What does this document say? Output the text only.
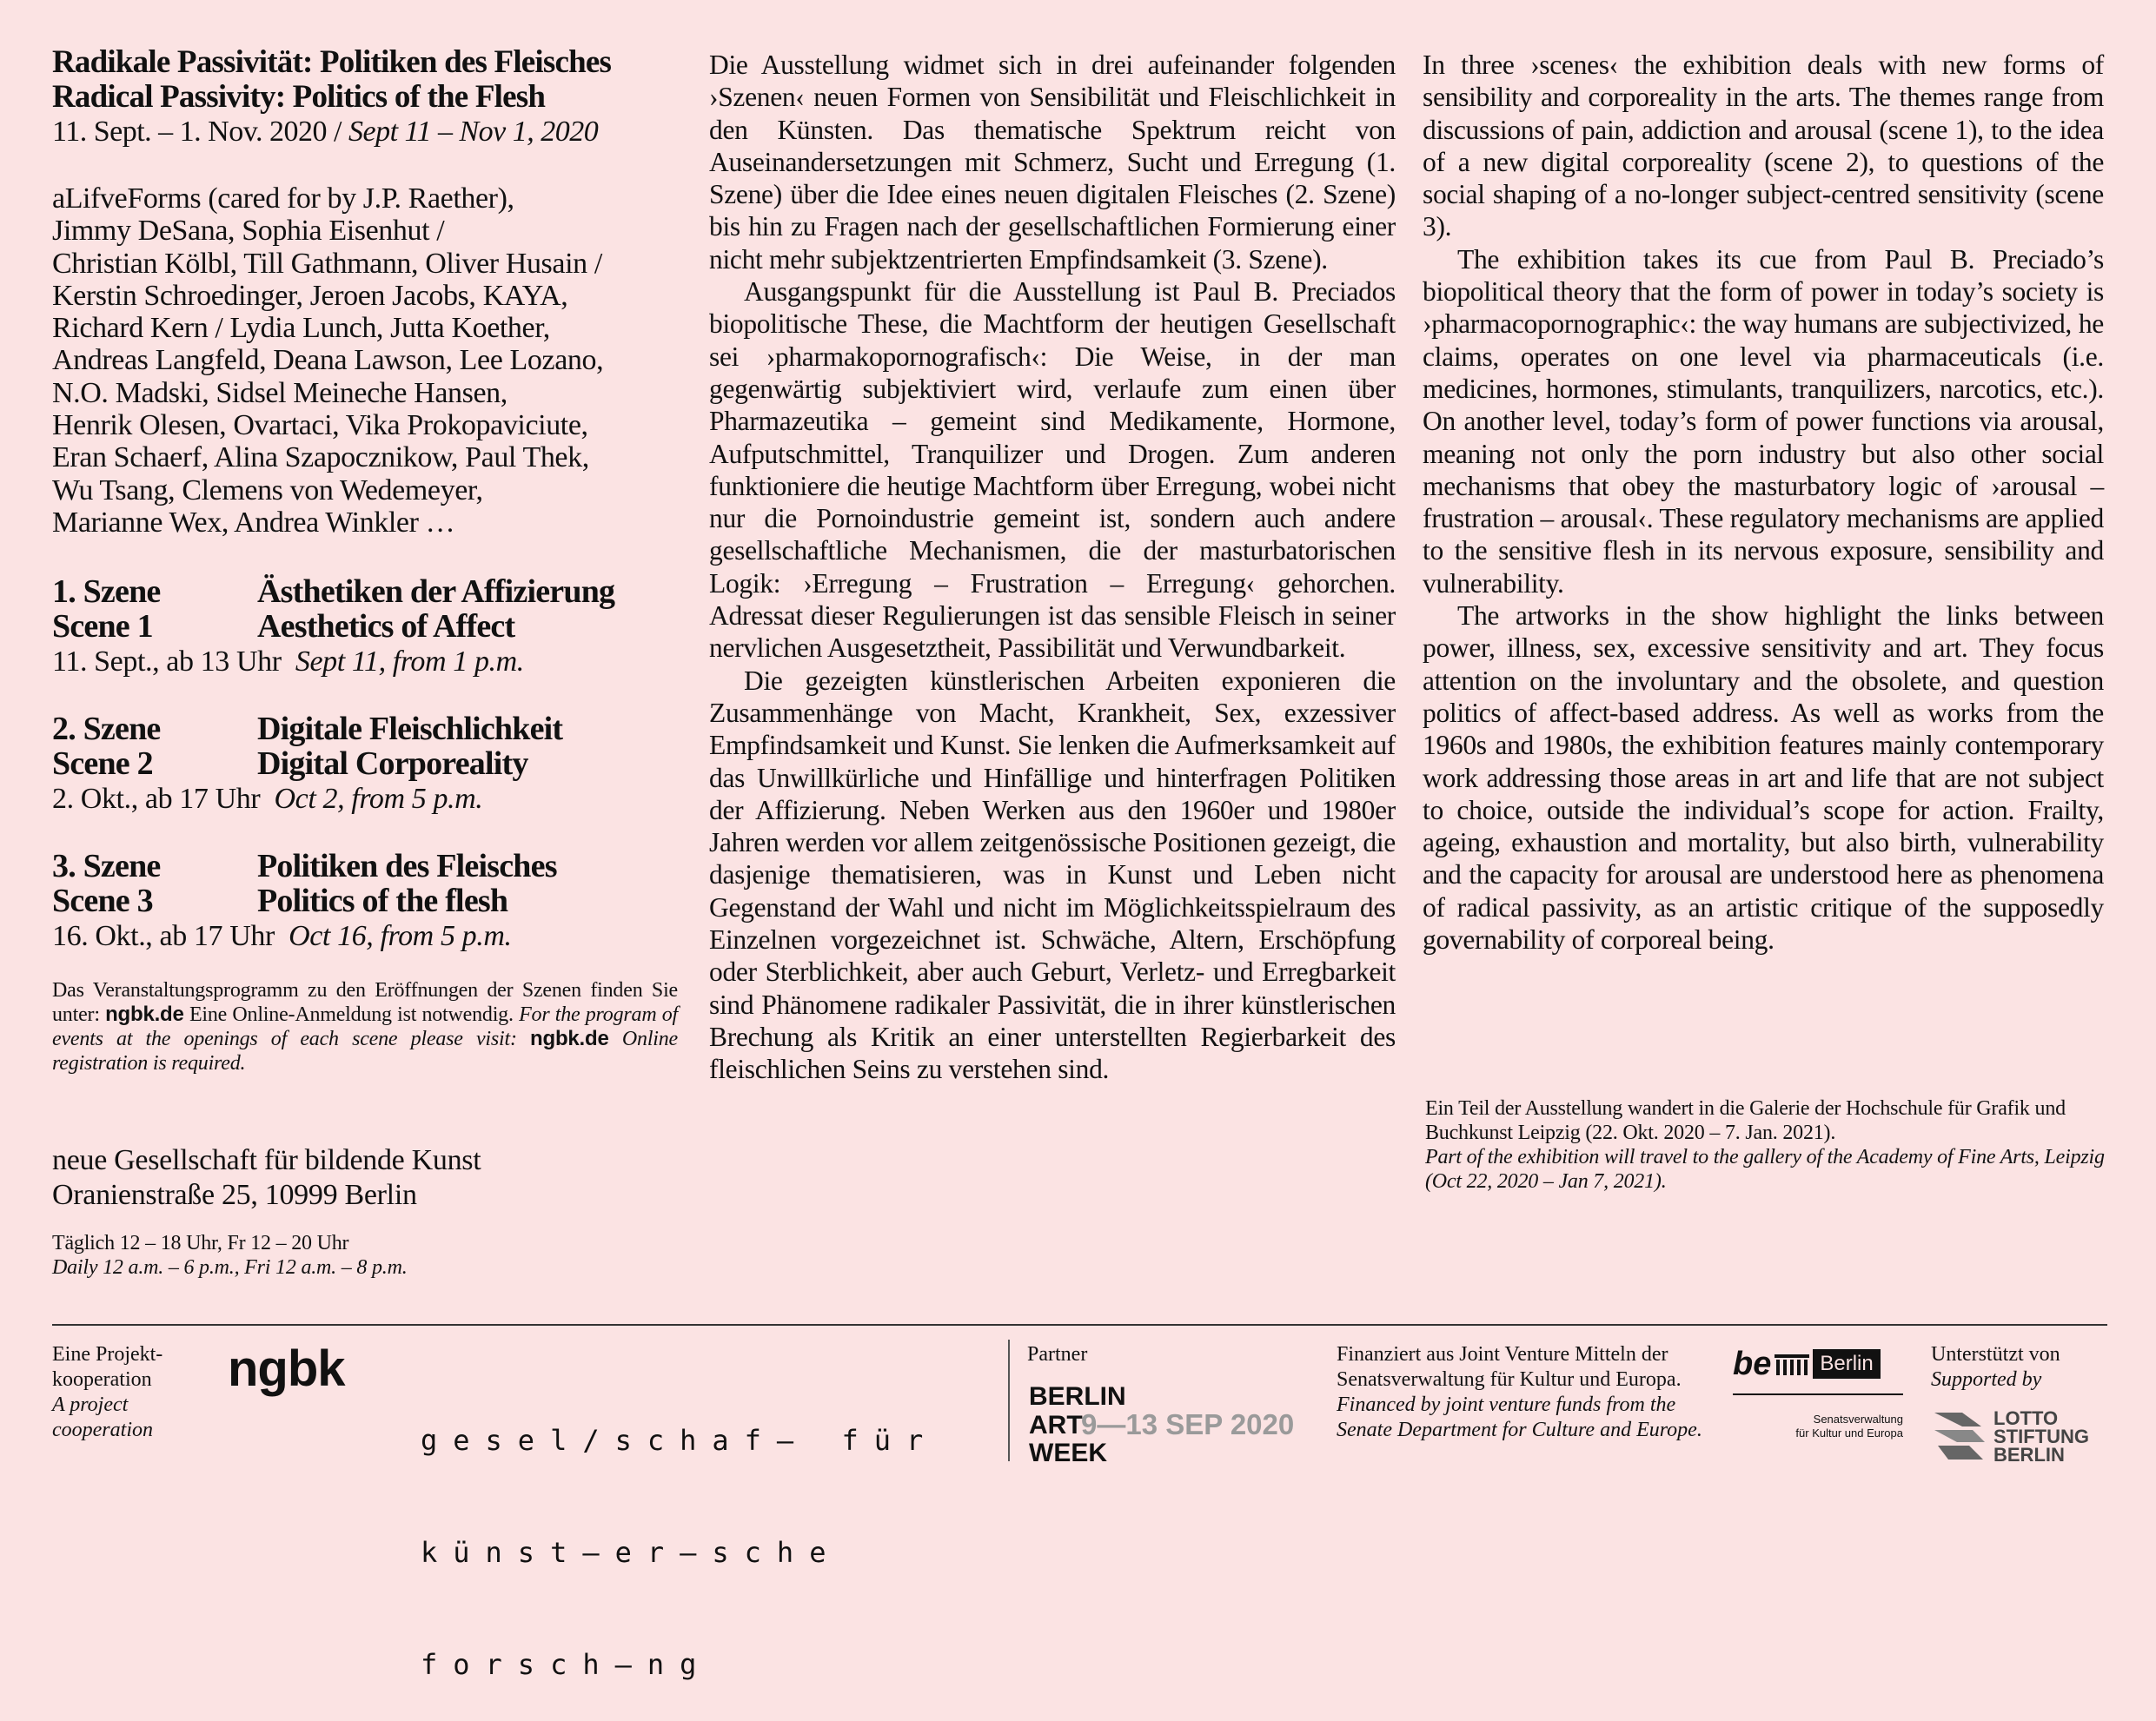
Radikale Passivität: Politiken des Fleisches
Radical Passivity: Politics of the Flesh
11. Sept. – 1. Nov. 2020 / Sept 11 – Nov 1, 2020
aLifveForms (cared for by J.P. Raether),
Jimmy DeSana, Sophia Eisenhut /
Christian Kölbl, Till Gathmann, Oliver Husain /
Kerstin Schroedinger, Jeroen Jacobs, KAYA,
Richard Kern / Lydia Lunch, Jutta Koether,
Andreas Langfeld, Deana Lawson, Lee Lozano,
N.O. Madski, Sidsel Meineche Hansen,
Henrik Olesen, Ovartaci, Vika Prokopaviciute,
Eran Schaerf, Alina Szapocznikow, Paul Thek,
Wu Tsang, Clemens von Wedemeyer,
Marianne Wex, Andrea Winkler …
1. Szene	Ästhetiken der Affizierung
Scene 1	Aesthetics of Affect
11. Sept., ab 13 Uhr Sept 11, from 1 p.m.
2. Szene	Digitale Fleischlichkeit
Scene 2	Digital Corporeality
2. Okt., ab 17 Uhr Oct 2, from 5 p.m.
3. Szene	Politiken des Fleisches
Scene 3	Politics of the flesh
16. Okt., ab 17 Uhr Oct 16, from 5 p.m.
Das Veranstaltungsprogramm zu den Eröffnungen der Szenen finden Sie unter: ngbk.de Eine Online-Anmeldung ist notwendig. For the program of events at the openings of each scene please visit: ngbk.de Online registration is required.
neue Gesellschaft für bildende Kunst
Oranienstraße 25, 10999 Berlin
Täglich 12 – 18 Uhr, Fr 12 – 20 Uhr
Daily 12 a.m. – 6 p.m., Fri 12 a.m. – 8 p.m.

Die Ausstellung widmet sich in drei aufeinander folgenden ›Szenen‹ neuen Formen von Sensibilität und Fleischlichkeit in den Künsten. Das thematische Spektrum reicht von Auseinandersetzungen mit Schmerz, Sucht und Erregung (1. Szene) über die Idee eines neuen digitalen Fleisches (2. Szene) bis hin zu Fragen nach der gesellschaftlichen Formierung einer nicht mehr subjektzentrierten Empfindsamkeit (3. Szene).

Ausgangspunkt für die Ausstellung ist Paul B. Preciados biopolitische These, die Machtform der heutigen Gesellschaft sei ›pharmakopornografisch‹: Die Weise, in der man gegenwärtig subjektiviert wird, verlaufe zum einen über Pharmazeutika – gemeint sind Medikamente, Hormone, Aufputschmittel, Tranquilizer und Drogen. Zum anderen funktioniere die heutige Machtform über Erregung, wobei nicht nur die Pornoindustrie gemeint ist, sondern auch andere gesellschaftliche Mechanismen, die der masturbatorischen Logik: ›Erregung – Frustration – Erregung‹ gehorchen. Adressat dieser Regulierungen ist das sensible Fleisch in seiner nervlichen Ausgesetztheit, Passibilität und Verwundbarkeit.

Die gezeigten künstlerischen Arbeiten exponieren die Zusammenhänge von Macht, Krankheit, Sex, exzessiver Empfindsamkeit und Kunst. Sie lenken die Aufmerksamkeit auf das Unwillkürliche und Hinfällige und hinterfragen Politiken der Affizierung. Neben Werken aus den 1960er und 1980er Jahren werden vor allem zeitgenössische Positionen gezeigt, die dasjenige thematisieren, was in Kunst und Leben nicht Gegenstand der Wahl und nicht im Möglichkeitsspielraum des Einzelnen vorgezeichnet ist. Schwäche, Altern, Erschöpfung oder Sterblichkeit, aber auch Geburt, Verletz- und Erregbarkeit sind Phänomene radikaler Passivität, die in ihrer künstlerischen Brechung als Kritik an einer unterstellten Regierbarkeit des fleischlichen Seins zu verstehen sind.

In three ›scenes‹ the exhibition deals with new forms of sensibility and corporeality in the arts. The themes range from discussions of pain, addiction and arousal (scene 1), to the idea of a new digital corporeality (scene 2), to questions of the social shaping of a no-longer subject-centred sensitivity (scene 3).

The exhibition takes its cue from Paul B. Preciado’s biopolitical theory that the form of power in today’s society is ›pharmacopornographic‹: the way humans are subjectivized, he claims, operates on one level via pharmaceuticals (i.e. medicines, hormones, stimulants, tranquilizers, narcotics, etc.). On another level, today’s form of power functions via arousal, meaning not only the porn industry but also other social mechanisms that obey the masturbatory logic of ›arousal – frustration – arousal‹. These regulatory mechanisms are applied to the sensitive flesh in its nervous exposure, sensibility and vulnerability.

The artworks in the show highlight the links between power, illness, sex, excessive sensitivity and art. They focus attention on the involuntary and the obsolete, and question politics of affect-based address. As well as works from the 1960s and 1980s, the exhibition features mainly contemporary work addressing those areas in art and life that are not subject to choice, outside the individual’s scope for action. Frailty, ageing, exhaustion and mortality, but also birth, vulnerability and the capacity for arousal are understood here as phenomena of radical passivity, as an artistic critique of the supposedly governability of corporeal being.

Ein Teil der Ausstellung wandert in die Galerie der Hochschule für Grafik und Buchkunst Leipzig (22. Okt. 2020 – 7. Jan. 2021).
Part of the exhibition will travel to the gallery of the Academy of Fine Arts, Leipzig (Oct 22, 2020 – Jan 7, 2021).
Eine Projekt-kooperation
A project cooperation
ngbk

gesel/schaf– für

künst—er–sche

forsch–ng

Partner
BERLIN
ART
9—13 SEP 2020
WEEK
Finanziert aus Joint Venture Mitteln der Senatsverwaltung für Kultur und Europa. Financed by joint venture funds from the Senate Department for Culture and Europe.
be	Berlin
Senatsverwaltung
für Kultur und Europa
Unterstützt von
Supported by
LOTTO
STIFTUNG
BERLIN
